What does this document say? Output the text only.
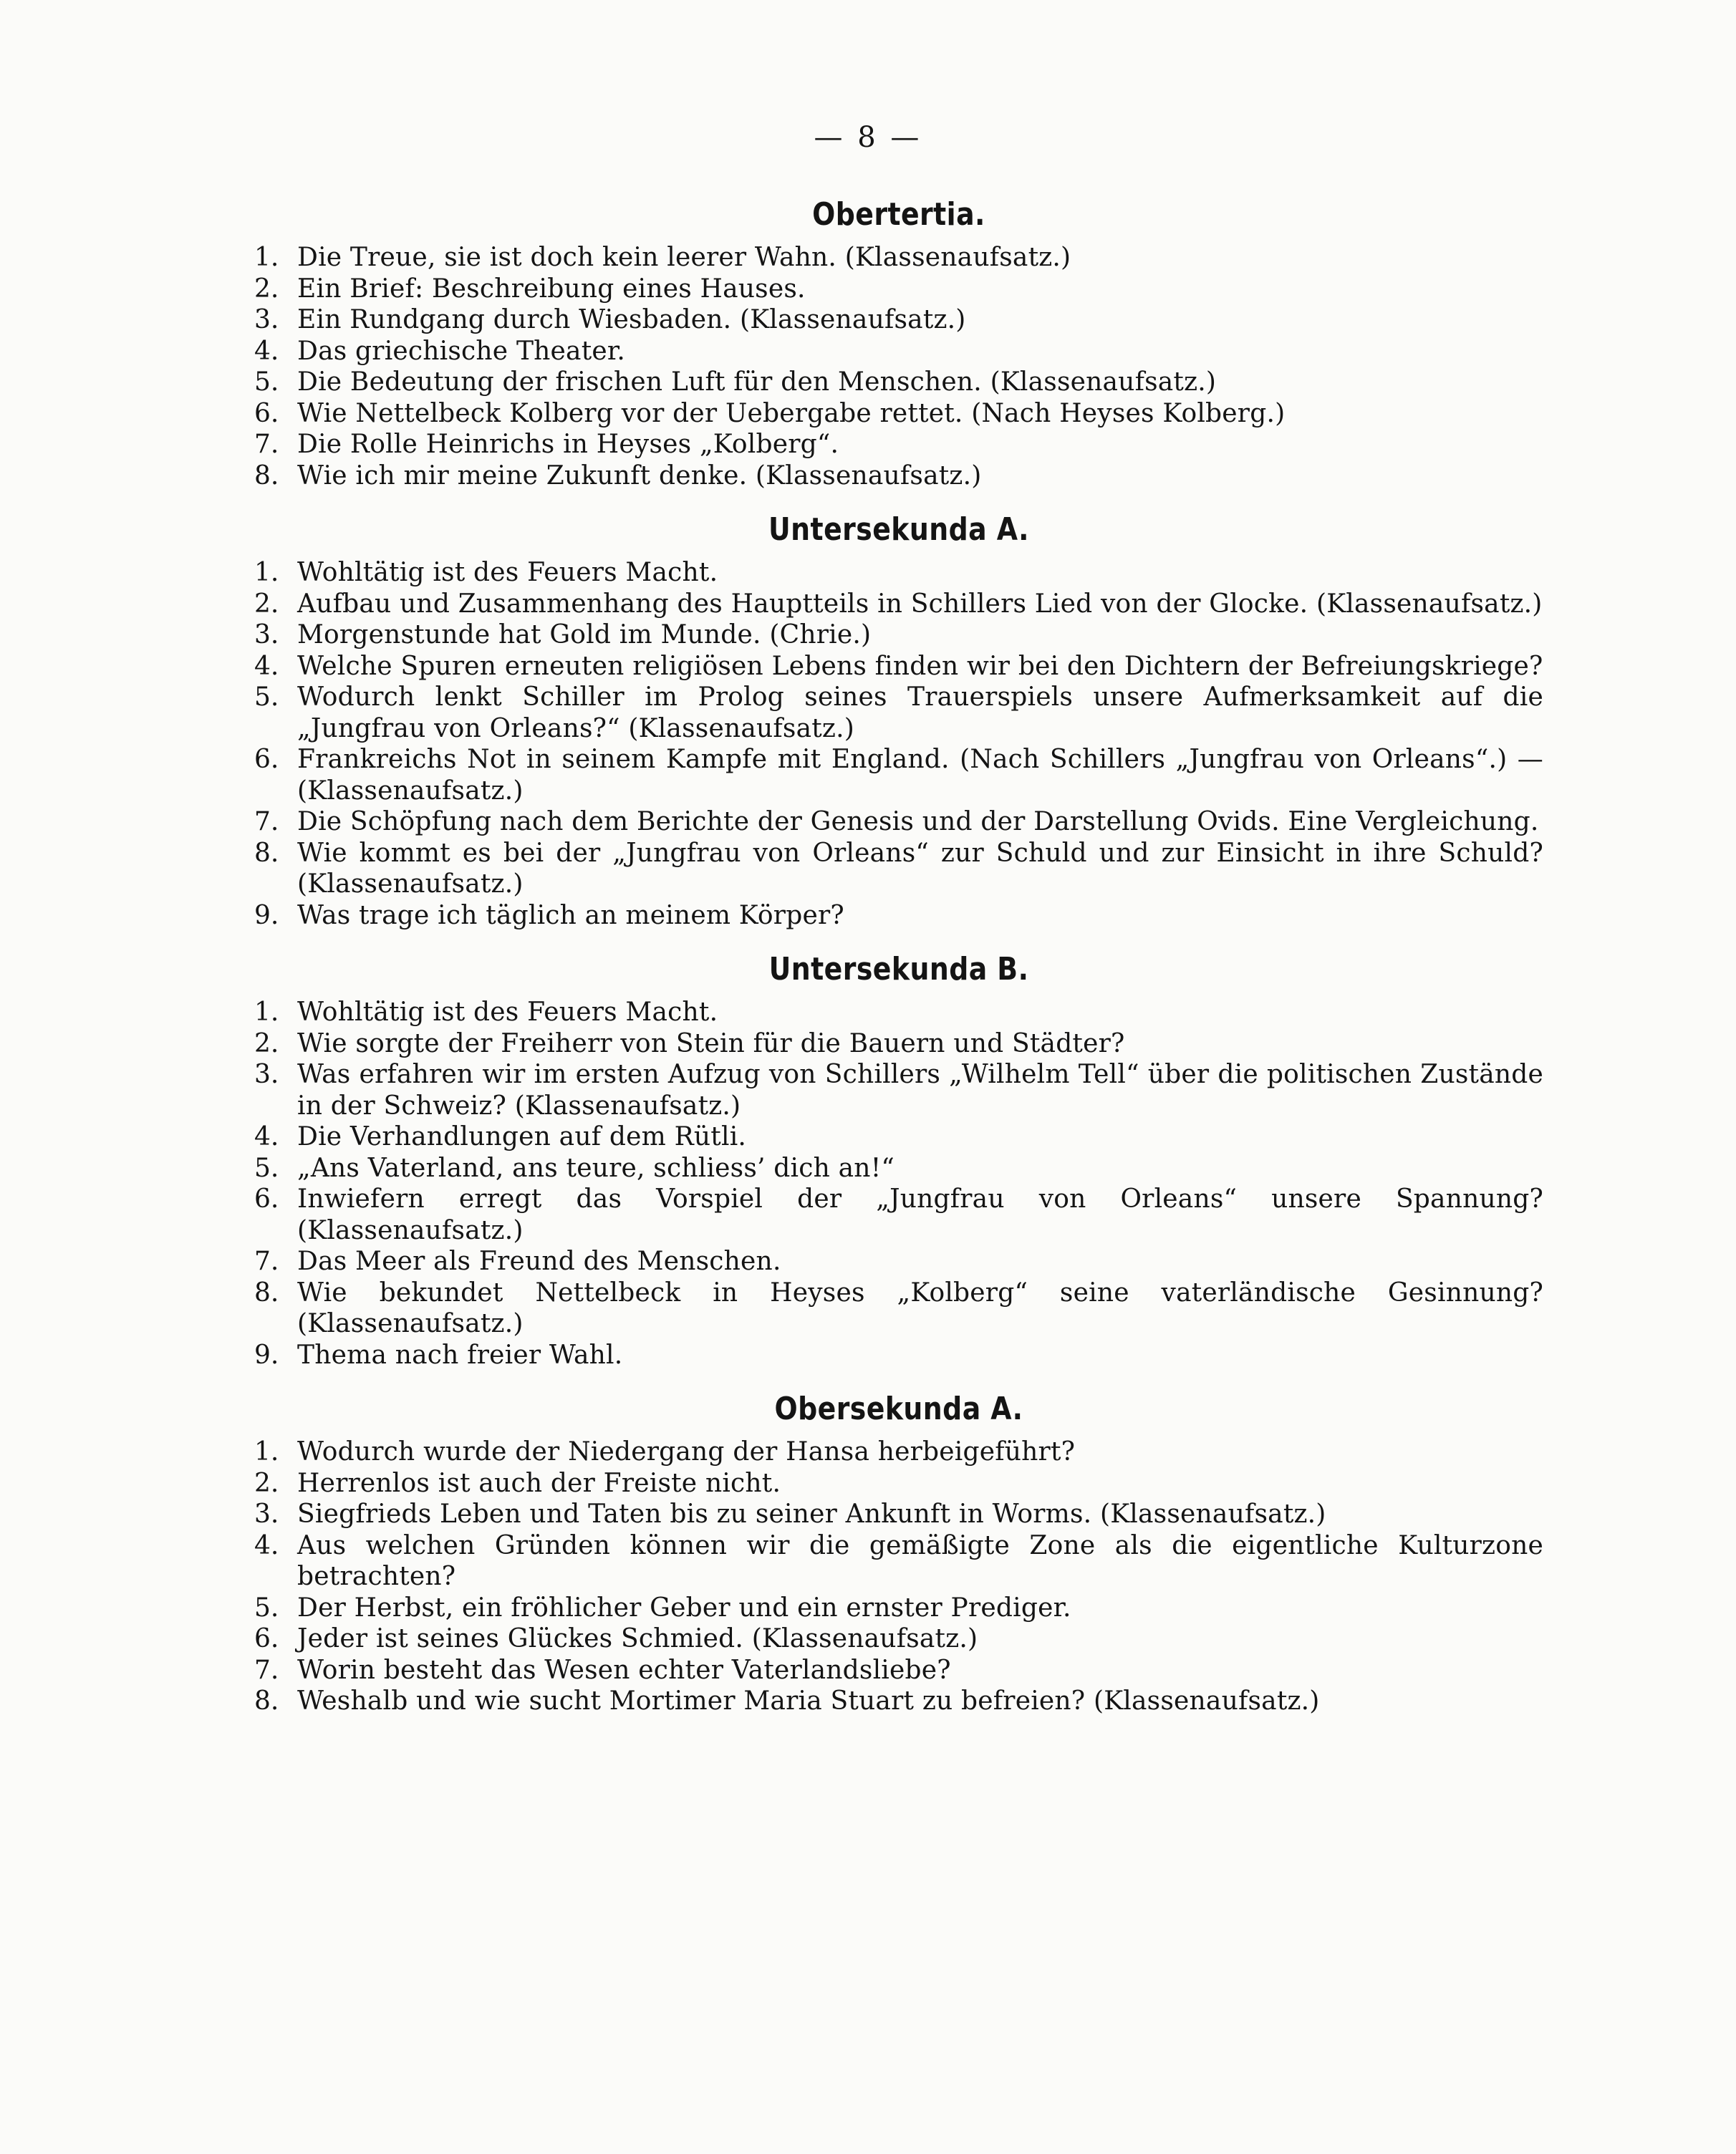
— 8 —
Obertertia.
1. Die Treue, sie ist doch kein leerer Wahn. (Klassenaufsatz.)
2. Ein Brief: Beschreibung eines Hauses.
3. Ein Rundgang durch Wiesbaden. (Klassenaufsatz.)
4. Das griechische Theater.
5. Die Bedeutung der frischen Luft für den Menschen. (Klassenaufsatz.)
6. Wie Nettelbeck Kolberg vor der Uebergabe rettet. (Nach Heyses Kolberg.)
7. Die Rolle Heinrichs in Heyses „Kolberg“.
8. Wie ich mir meine Zukunft denke. (Klassenaufsatz.)
Untersekunda A.
1. Wohltätig ist des Feuers Macht.
2. Aufbau und Zusammenhang des Hauptteils in Schillers Lied von der Glocke. (Klassenaufsatz.)
3. Morgenstunde hat Gold im Munde. (Chrie.)
4. Welche Spuren erneuten religiösen Lebens finden wir bei den Dichtern der Befreiungskriege?
5. Wodurch lenkt Schiller im Prolog seines Trauerspiels unsere Aufmerksamkeit auf die „Jungfrau von Orleans?“ (Klassenaufsatz.)
6. Frankreichs Not in seinem Kampfe mit England. (Nach Schillers „Jungfrau von Orleans“.) — (Klassenaufsatz.)
7. Die Schöpfung nach dem Berichte der Genesis und der Darstellung Ovids. Eine Vergleichung.
8. Wie kommt es bei der „Jungfrau von Orleans“ zur Schuld und zur Einsicht in ihre Schuld? (Klassenaufsatz.)
9. Was trage ich täglich an meinem Körper?
Untersekunda B.
1. Wohltätig ist des Feuers Macht.
2. Wie sorgte der Freiherr von Stein für die Bauern und Städter?
3. Was erfahren wir im ersten Aufzug von Schillers „Wilhelm Tell“ über die politischen Zustände in der Schweiz? (Klassenaufsatz.)
4. Die Verhandlungen auf dem Rütli.
5. „Ans Vaterland, ans teure, schliess’ dich an!“
6. Inwiefern erregt das Vorspiel der „Jungfrau von Orleans“ unsere Spannung? (Klassenaufsatz.)
7. Das Meer als Freund des Menschen.
8. Wie bekundet Nettelbeck in Heyses „Kolberg“ seine vaterländische Gesinnung? (Klassenaufsatz.)
9. Thema nach freier Wahl.
Obersekunda A.
1. Wodurch wurde der Niedergang der Hansa herbeigeführt?
2. Herrenlos ist auch der Freiste nicht.
3. Siegfrieds Leben und Taten bis zu seiner Ankunft in Worms. (Klassenaufsatz.)
4. Aus welchen Gründen können wir die gemäßigte Zone als die eigentliche Kulturzone betrachten?
5. Der Herbst, ein fröhlicher Geber und ein ernster Prediger.
6. Jeder ist seines Glückes Schmied. (Klassenaufsatz.)
7. Worin besteht das Wesen echter Vaterlandsliebe?
8. Weshalb und wie sucht Mortimer Maria Stuart zu befreien? (Klassenaufsatz.)
